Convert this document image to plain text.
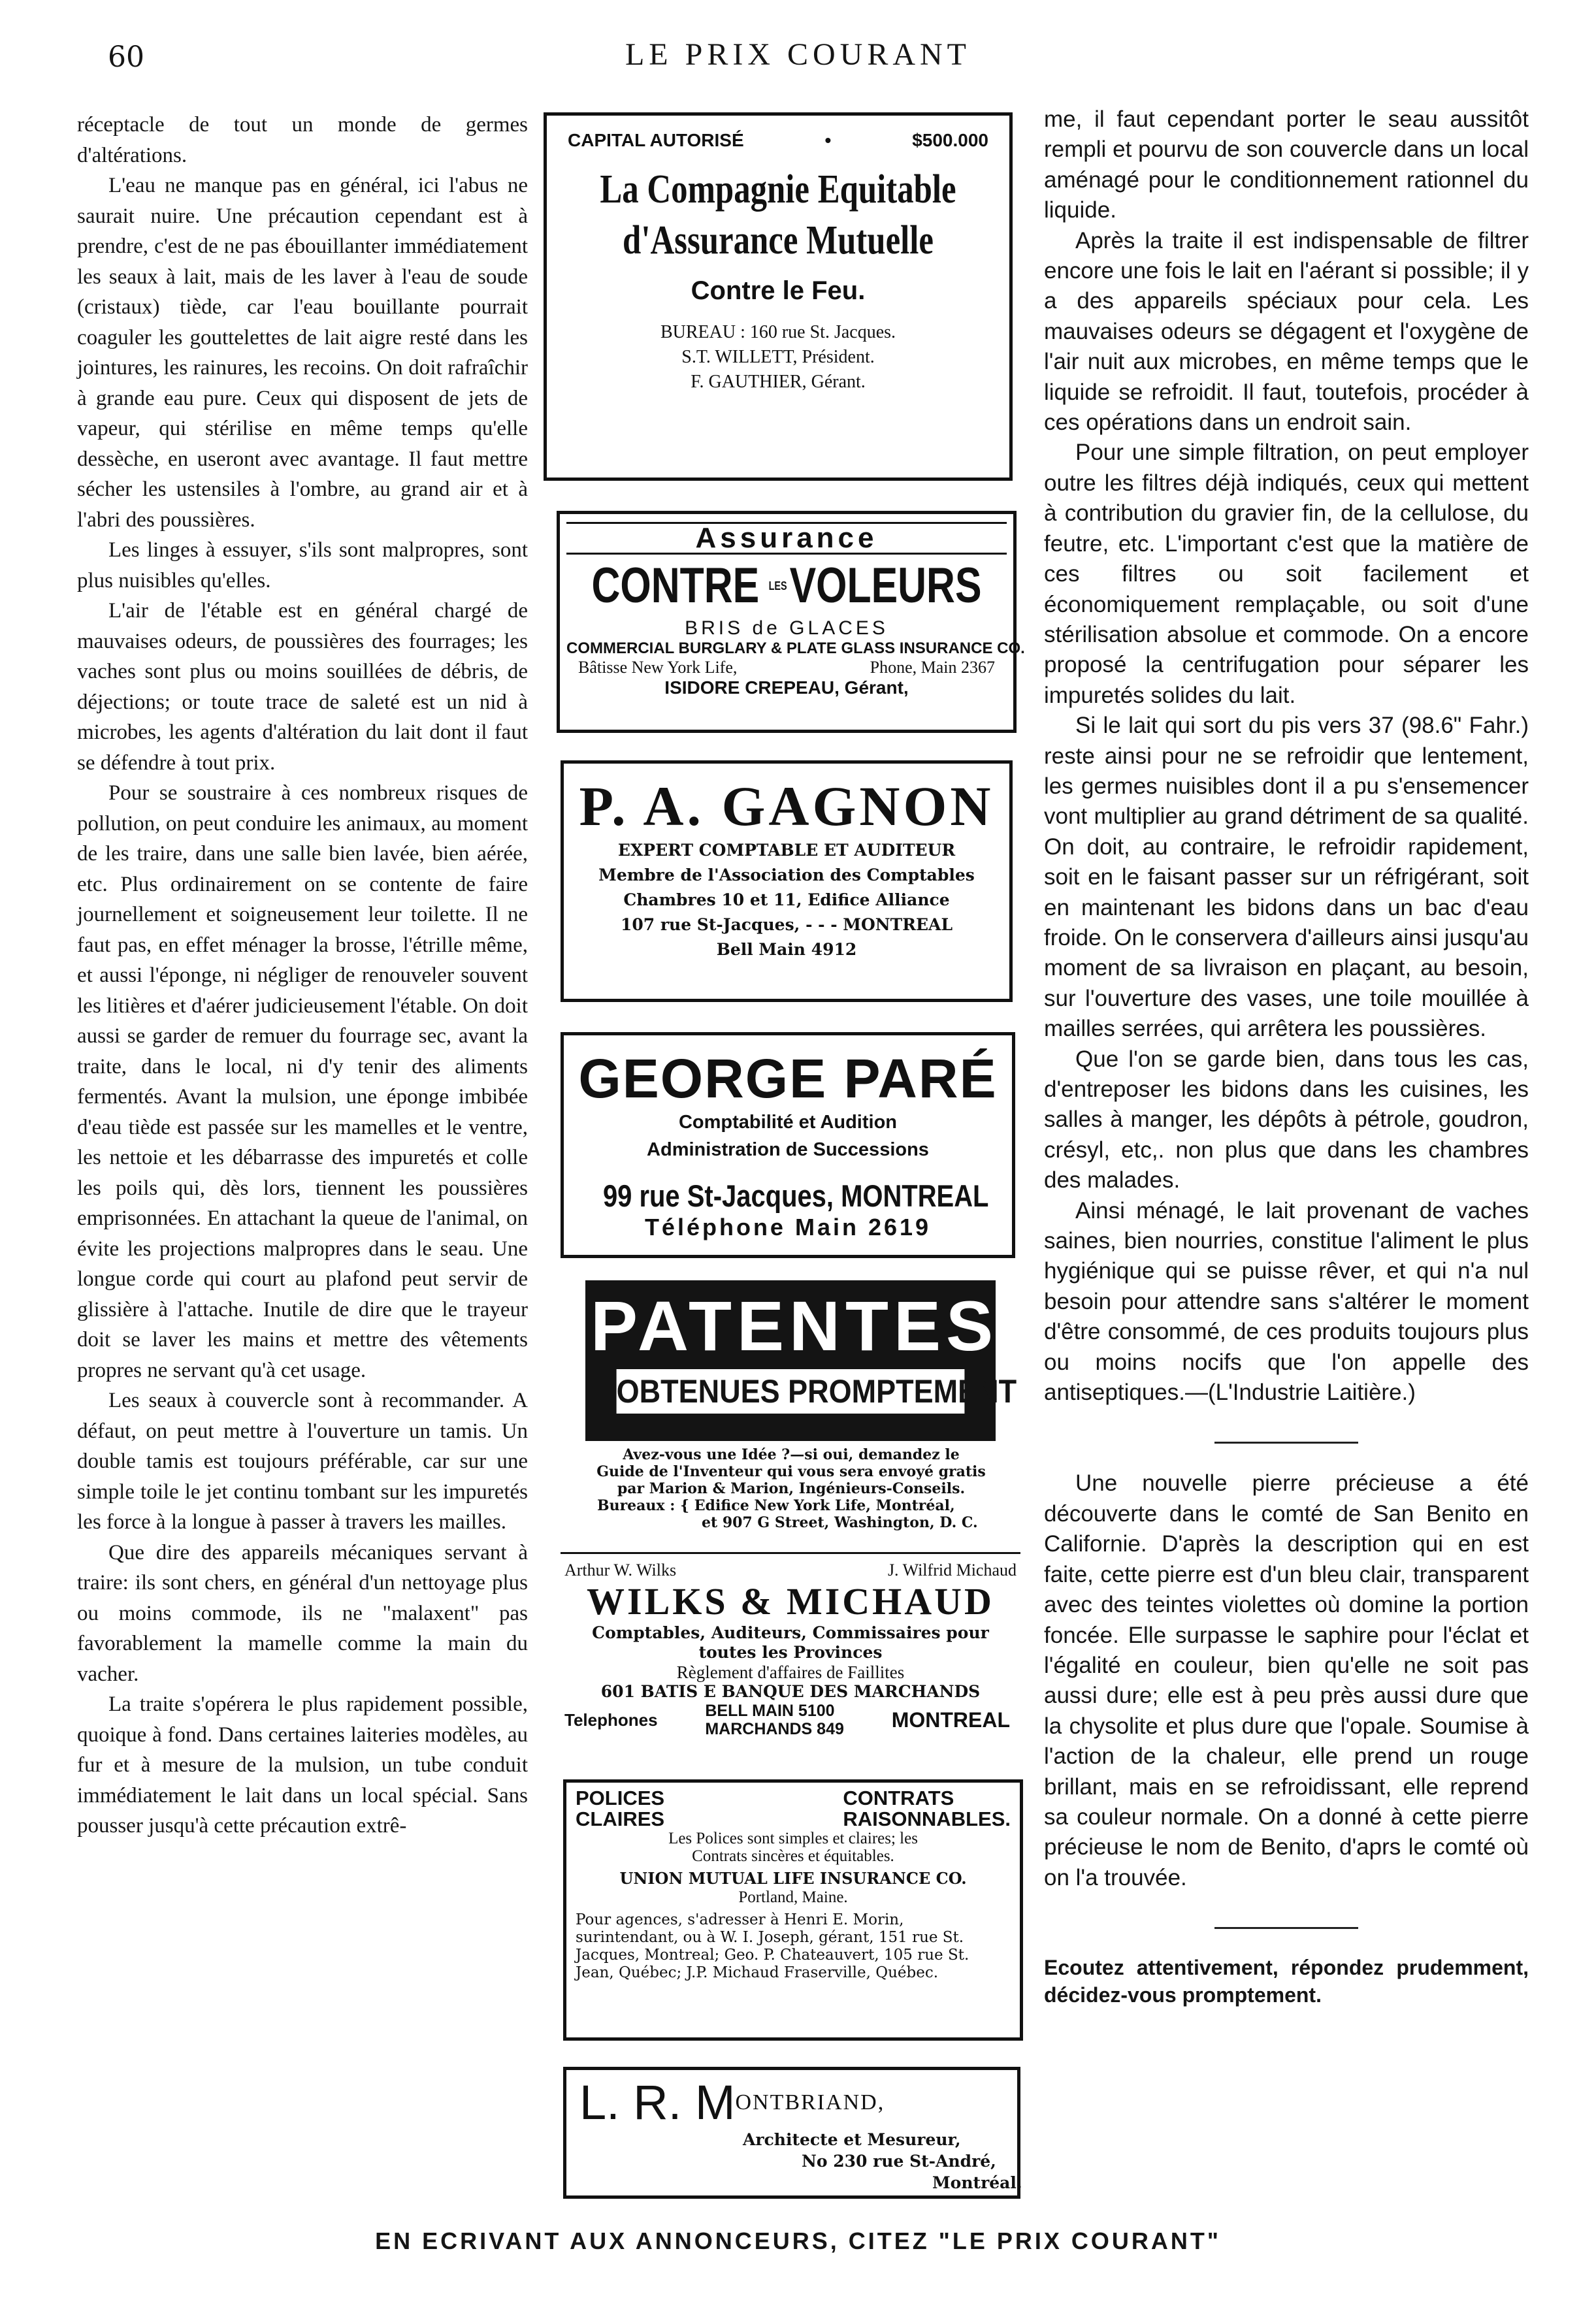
60	LE PRIX COURANT

réceptacle de tout un monde de germes d'altérations.

L'eau ne manque pas en général, ici l'abus ne saurait nuire. Une précaution cependant est à prendre, c'est de ne pas ébouillanter immédiatement les seaux à lait, mais de les laver à l'eau de soude (cristaux) tiède, car l'eau bouillante pourrait coaguler les gouttelettes de lait aigre resté dans les jointures, les rainures, les recoins. On doit rafraîchir à grande eau pure. Ceux qui disposent de jets de vapeur, qui stérilise en même temps qu'elle dessèche, en useront avec avantage. Il faut mettre sécher les ustensiles à l'ombre, au grand air et à l'abri des poussières.

Les linges à essuyer, s'ils sont malpropres, sont plus nuisibles qu'elles.

L'air de l'étable est en général chargé de mauvaises odeurs, de poussières des fourrages; les vaches sont plus ou moins souillées de débris, de déjections; or toute trace de saleté est un nid à microbes, les agents d'altération du lait dont il faut se défendre à tout prix.

Pour se soustraire à ces nombreux risques de pollution, on peut conduire les animaux, au moment de les traire, dans une salle bien lavée, bien aérée, etc. Plus ordinairement on se contente de faire journellement et soigneusement leur toilette. Il ne faut pas, en effet ménager la brosse, l'étrille même, et aussi l'éponge, ni négliger de renouveler souvent les litières et d'aérer judicieusement l'étable. On doit aussi se garder de remuer du fourrage sec, avant la traite, dans le local, ni d'y tenir des aliments fermentés. Avant la mulsion, une éponge imbibée d'eau tiède est passée sur les mamelles et le ventre, les nettoie et les débarrasse des impuretés et colle les poils qui, dès lors, tiennent les poussières emprisonnées. En attachant la queue de l'animal, on évite les projections malpropres dans le seau. Une longue corde qui court au plafond peut servir de glissière à l'attache. Inutile de dire que le trayeur doit se laver les mains et mettre des vêtements propres ne servant qu'à cet usage.

Les seaux à couvercle sont à recommander. A défaut, on peut mettre à l'ouverture un tamis. Un double tamis est toujours préférable, car sur une simple toile le jet continu tombant sur les impuretés les force à la longue à passer à travers les mailles.

Que dire des appareils mécaniques servant à traire: ils sont chers, en général d'un nettoyage plus ou moins commode, ils ne "malaxent" pas favorablement la mamelle comme la main du vacher.

La traite s'opérera le plus rapidement possible, quoique à fond. Dans certaines laiteries modèles, au fur et à mesure de la mulsion, un tube conduit immédiatement le lait dans un local spécial. Sans pousser jusqu'à cette précaution extrê-

CAPITAL AUTORISÉ	•	$500.000
La Compagnie Equitable
d'Assurance Mutuelle
Contre le Feu.
BUREAU : 160 rue St. Jacques.
S.T. WILLETT, Président.
F. GAUTHIER, Gérant.
Assurance
CONTRE LES VOLEURS
BRIS de GLACES
COMMERCIAL BURGLARY & PLATE GLASS INSURANCE CO.
Bâtisse New York Life,	Phone, Main 2367
ISIDORE CREPEAU, Gérant,
P. A. GAGNON
EXPERT COMPTABLE ET AUDITEUR
Membre de l'Association des Comptables
Chambres 10 et 11, Edifice Alliance
107 rue St-Jacques, - - - MONTREAL
Bell Main 4912
GEORGE PARÉ
Comptabilité et Audition
Administration de Successions
99 rue St-Jacques, MONTREAL
Téléphone Main 2619
PATENTES
OBTENUES PROMPTEMENT
Avez-vous une Idée ?—si oui, demandez le
Guide de l'Inventeur qui vous sera envoyé gratis
par Marion & Marion, Ingénieurs-Conseils.
Bureaux : { Edifice New York Life, Montréal,
et 907 G Street, Washington, D. C.
Arthur W. Wilks	J. Wilfrid Michaud
WILKS & MICHAUD
Comptables, Auditeurs, Commissaires pour
toutes les Provinces
Règlement d'affaires de Faillites
601 BATIS E BANQUE DES MARCHANDS
Telephones	BELL MAIN 5100
MARCHANDS 849 MONTREAL
POLICES
CLAIRES
CONTRATS
RAISONNABLES.
Les Polices sont simples et claires; les
Contrats sincères et équitables.
UNION MUTUAL LIFE INSURANCE CO.
Portland, Maine.
Pour agences, s'adresser à Henri E. Morin, surintendant, ou à W. I. Joseph, gérant, 151 rue St. Jacques, Montreal; Geo. P. Chateauvert, 105 rue St. Jean, Québec; J.P. Michaud Fraserville, Québec.
L. R. $M^{ONTBRIAND,}$
Architecte et Mesureur,
No 230 rue St-André,
Montréal.

me, il faut cependant porter le seau aussitôt rempli et pourvu de son couvercle dans un local aménagé pour le conditionnement rationnel du liquide.

Après la traite il est indispensable de filtrer encore une fois le lait en l'aérant si possible; il y a des appareils spéciaux pour cela. Les mauvaises odeurs se dégagent et l'oxygène de l'air nuit aux microbes, en même temps que le liquide se refroidit. Il faut, toutefois, procéder à ces opérations dans un endroit sain.

Pour une simple filtration, on peut employer outre les filtres déjà indiqués, ceux qui mettent à contribution du gravier fin, de la cellulose, du feutre, etc. L'important c'est que la matière de ces filtres ou soit facilement et économiquement remplaçable, ou soit d'une stérilisation absolue et commode. On a encore proposé la centrifugation pour séparer les impuretés solides du lait.

Si le lait qui sort du pis vers 37 (98.6" Fahr.) reste ainsi pour ne se refroidir que lentement, les germes nuisibles dont il a pu s'ensemencer vont multiplier au grand détriment de sa qualité. On doit, au contraire, le refroidir rapidement, soit en le faisant passer sur un réfrigérant, soit en maintenant les bidons dans un bac d'eau froide. On le conservera d'ailleurs ainsi jusqu'au moment de sa livraison en plaçant, au besoin, sur l'ouverture des vases, une toile mouillée à mailles serrées, qui arrêtera les poussières.

Que l'on se garde bien, dans tous les cas, d'entreposer les bidons dans les cuisines, les salles à manger, les dépôts à pétrole, goudron, crésyl, etc,. non plus que dans les chambres des malades.

Ainsi ménagé, le lait provenant de vaches saines, bien nourries, constitue l'aliment le plus hygiénique qui se puisse rêver, et qui n'a nul besoin pour attendre sans s'altérer le moment d'être consommé, de ces produits toujours plus ou moins nocifs que l'on appelle des antiseptiques.—(L'Industrie Laitière.)

Une nouvelle pierre précieuse a été découverte dans le comté de San Benito en Californie. D'après la description qui en est faite, cette pierre est d'un bleu clair, transparent avec des teintes violettes où domine la portion foncée. Elle surpasse le saphire pour l'éclat et l'égalité en couleur, bien qu'elle ne soit pas aussi dure; elle est à peu près aussi dure que la chysolite et plus dure que l'opale. Soumise à l'action de la chaleur, elle prend un rouge brillant, mais en se refroidissant, elle reprend sa couleur normale. On a donné à cette pierre précieuse le nom de Benito, d'aprs le comté où on l'a trouvée.

Ecoutez attentivement, répondez prudemment, décidez-vous promptement.

EN ECRIVANT AUX ANNONCEURS, CITEZ "LE PRIX COURANT"
